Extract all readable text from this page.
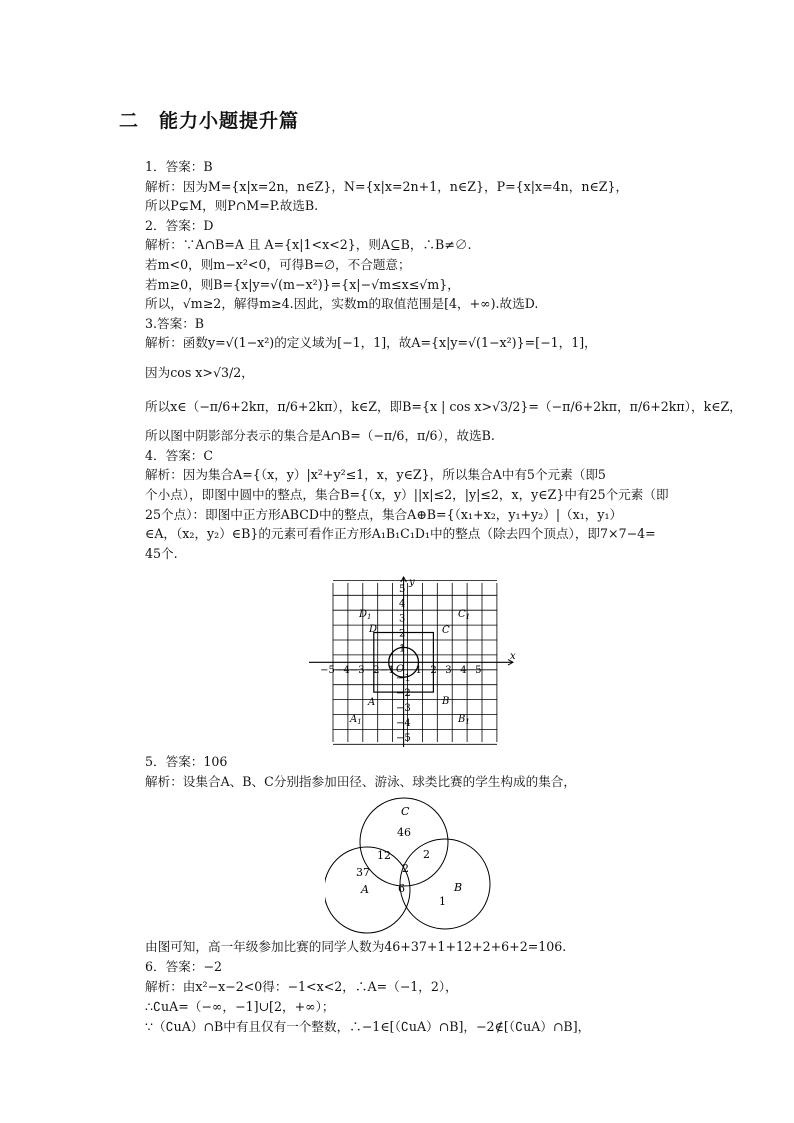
二　能力小题提升篇
1．答案：B
解析：因为M={x|x=2n，n∈Z}，N={x|x=2n+1，n∈Z}，P={x|x=4n，n∈Z}，
所以P⊊M，则P∩M=P.故选B.
2．答案：D
解析：∵A∩B=A 且 A={x|1<x<2}，则A⊆B，∴B≠∅.
若m<0，则m−x²<0，可得B=∅，不合题意；
若m≥0，则B={x|y=√(m−x²)}={x|−√m≤x≤√m}，
所以，√m≥2，解得m≥4.因此，实数m的取值范围是[4，+∞).故选D.
3.答案：B
解析：函数y=√(1−x²)的定义域为[−1，1]，故A={x|y=√(1−x²)}=[−1，1]，
因为cos x>√3/2，
所以x∈（−π/6+2kπ，π/6+2kπ），k∈Z，即B={x | cos x>√3/2}=（−π/6+2kπ，π/6+2kπ），k∈Z，
所以图中阴影部分表示的集合是A∩B=（−π/6，π/6），故选B.
4．答案：C
解析：因为集合A={（x，y）|x²+y²≤1，x，y∈Z}，所以集合A中有5个元素（即5
个小点），即图中圆中的整点，集合B={（x，y）||x|≤2，|y|≤2，x，y∈Z}中有25个元素（即
25个点）：即图中正方形ABCD中的整点，集合A⊕B={（x₁+x₂，y₁+y₂）|（x₁，y₁）
∈A，（x₂，y₂）∈B}的元素可看作正方形A₁B₁C₁D₁中的整点（除去四个顶点），即7×7−4=
45个.
x
y
O
−5 −4 −3 −2 −1 1 2 3 4 5
5
4
3
2
1
−1
−2
−3
−4
−5
$D_1$	$C_1$
D	C
A	B
$A_1$	$B_1$
5．答案：106
解析：设集合A、B、C分别指参加田径、游泳、球类比赛的学生构成的集合，
C
46
12	2
2
37
A	6	B
1
由图可知，高一年级参加比赛的同学人数为46+37+1+12+2+6+2=106.
6．答案：−2
解析：由x²−x−2<0得：−1<x<2，∴A=（−1，2），
∴∁uA=（−∞，−1]∪[2，+∞）；
∵（∁uA）∩B中有且仅有一个整数，∴−1∈[（∁uA）∩B]，−2∉[（∁uA）∩B]，
